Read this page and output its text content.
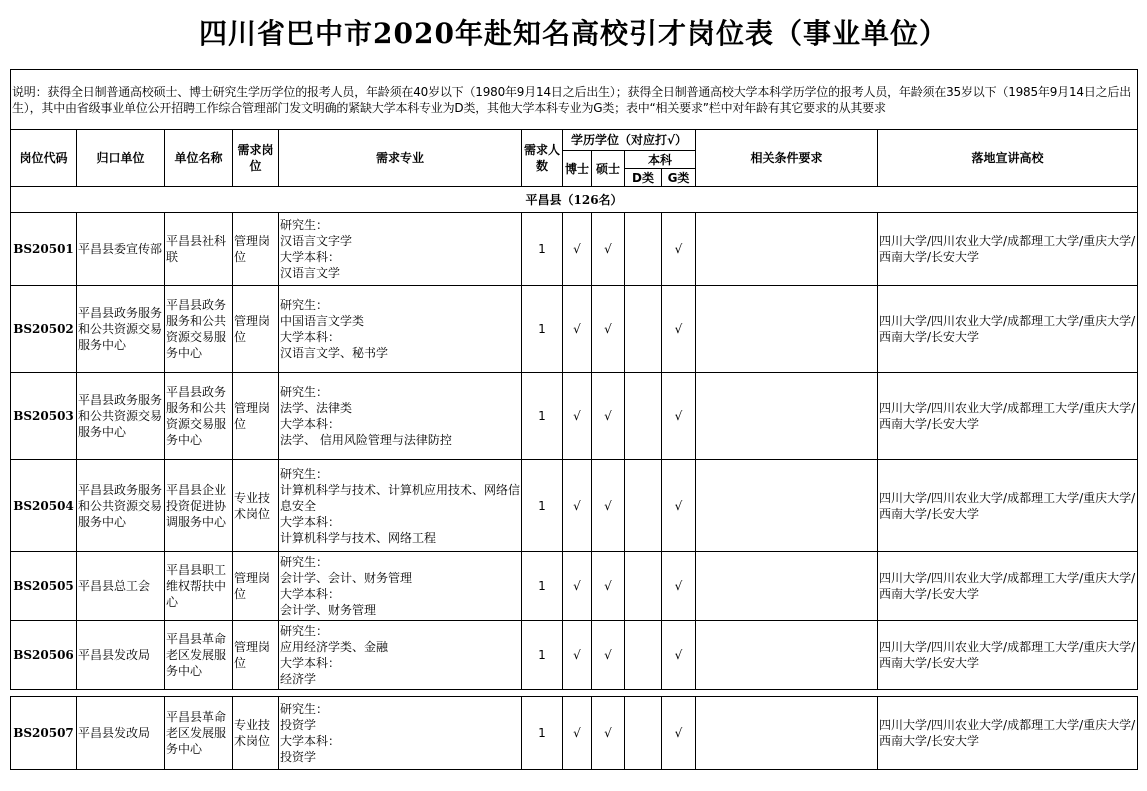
四川省巴中市2020年赴知名高校引才岗位表（事业单位）
说明：获得全日制普通高校硕士、博士研究生学历学位的报考人员，年龄须在40岁以下（1980年9月14日之后出生）；获得全日制普通高校大学本科学历学位的报考人员，年龄须在35岁以下（1985年9月14日之后出生），其中由省级事业单位公开招聘工作综合管理部门发文明确的紧缺大学本科专业为D类，其他大学本科专业为G类；表中“相关要求”栏中对年龄有其它要求的从其要求											
岗位代码	归口单位	单位名称	需求岗位	需求专业	需求人数	学历学位（对应打√）				相关条件要求	落地宣讲高校
						博士	硕士	本科			
								D类	G类		
平昌县（126名）											
BS20501	平昌县委宣传部	平昌县社科联	管理岗位	研究生：
汉语言文字学
大学本科：
汉语言文学	1	√	√		√		四川大学/四川农业大学/成都理工大学/重庆大学/西南大学/长安大学
BS20502	平昌县政务服务和公共资源交易服务中心	平昌县政务服务和公共资源交易服务中心	管理岗位	研究生：
中国语言文学类
大学本科：
汉语言文学、秘书学	1	√	√		√		四川大学/四川农业大学/成都理工大学/重庆大学/西南大学/长安大学
BS20503	平昌县政务服务和公共资源交易服务中心	平昌县政务服务和公共资源交易服务中心	管理岗位	研究生：
法学、法律类
大学本科：
法学、 信用风险管理与法律防控	1	√	√		√		四川大学/四川农业大学/成都理工大学/重庆大学/西南大学/长安大学
BS20504	平昌县政务服务和公共资源交易服务中心	平昌县企业投资促进协调服务中心	专业技术岗位	研究生：
计算机科学与技术、计算机应用技术、网络信息安全
大学本科：
计算机科学与技术、网络工程	1	√	√		√		四川大学/四川农业大学/成都理工大学/重庆大学/西南大学/长安大学
BS20505	平昌县总工会	平昌县职工维权帮扶中心	管理岗位	研究生：
会计学、会计、财务管理
大学本科：
会计学、财务管理	1	√	√		√		四川大学/四川农业大学/成都理工大学/重庆大学/西南大学/长安大学
BS20506	平昌县发改局	平昌县革命老区发展服务中心	管理岗位	研究生：
应用经济学类、金融
大学本科：
经济学	1	√	√		√		四川大学/四川农业大学/成都理工大学/重庆大学/西南大学/长安大学

BS20507	平昌县发改局	平昌县革命老区发展服务中心	专业技术岗位	研究生：
投资学
大学本科：
投资学	1	√	√		√		四川大学/四川农业大学/成都理工大学/重庆大学/西南大学/长安大学
